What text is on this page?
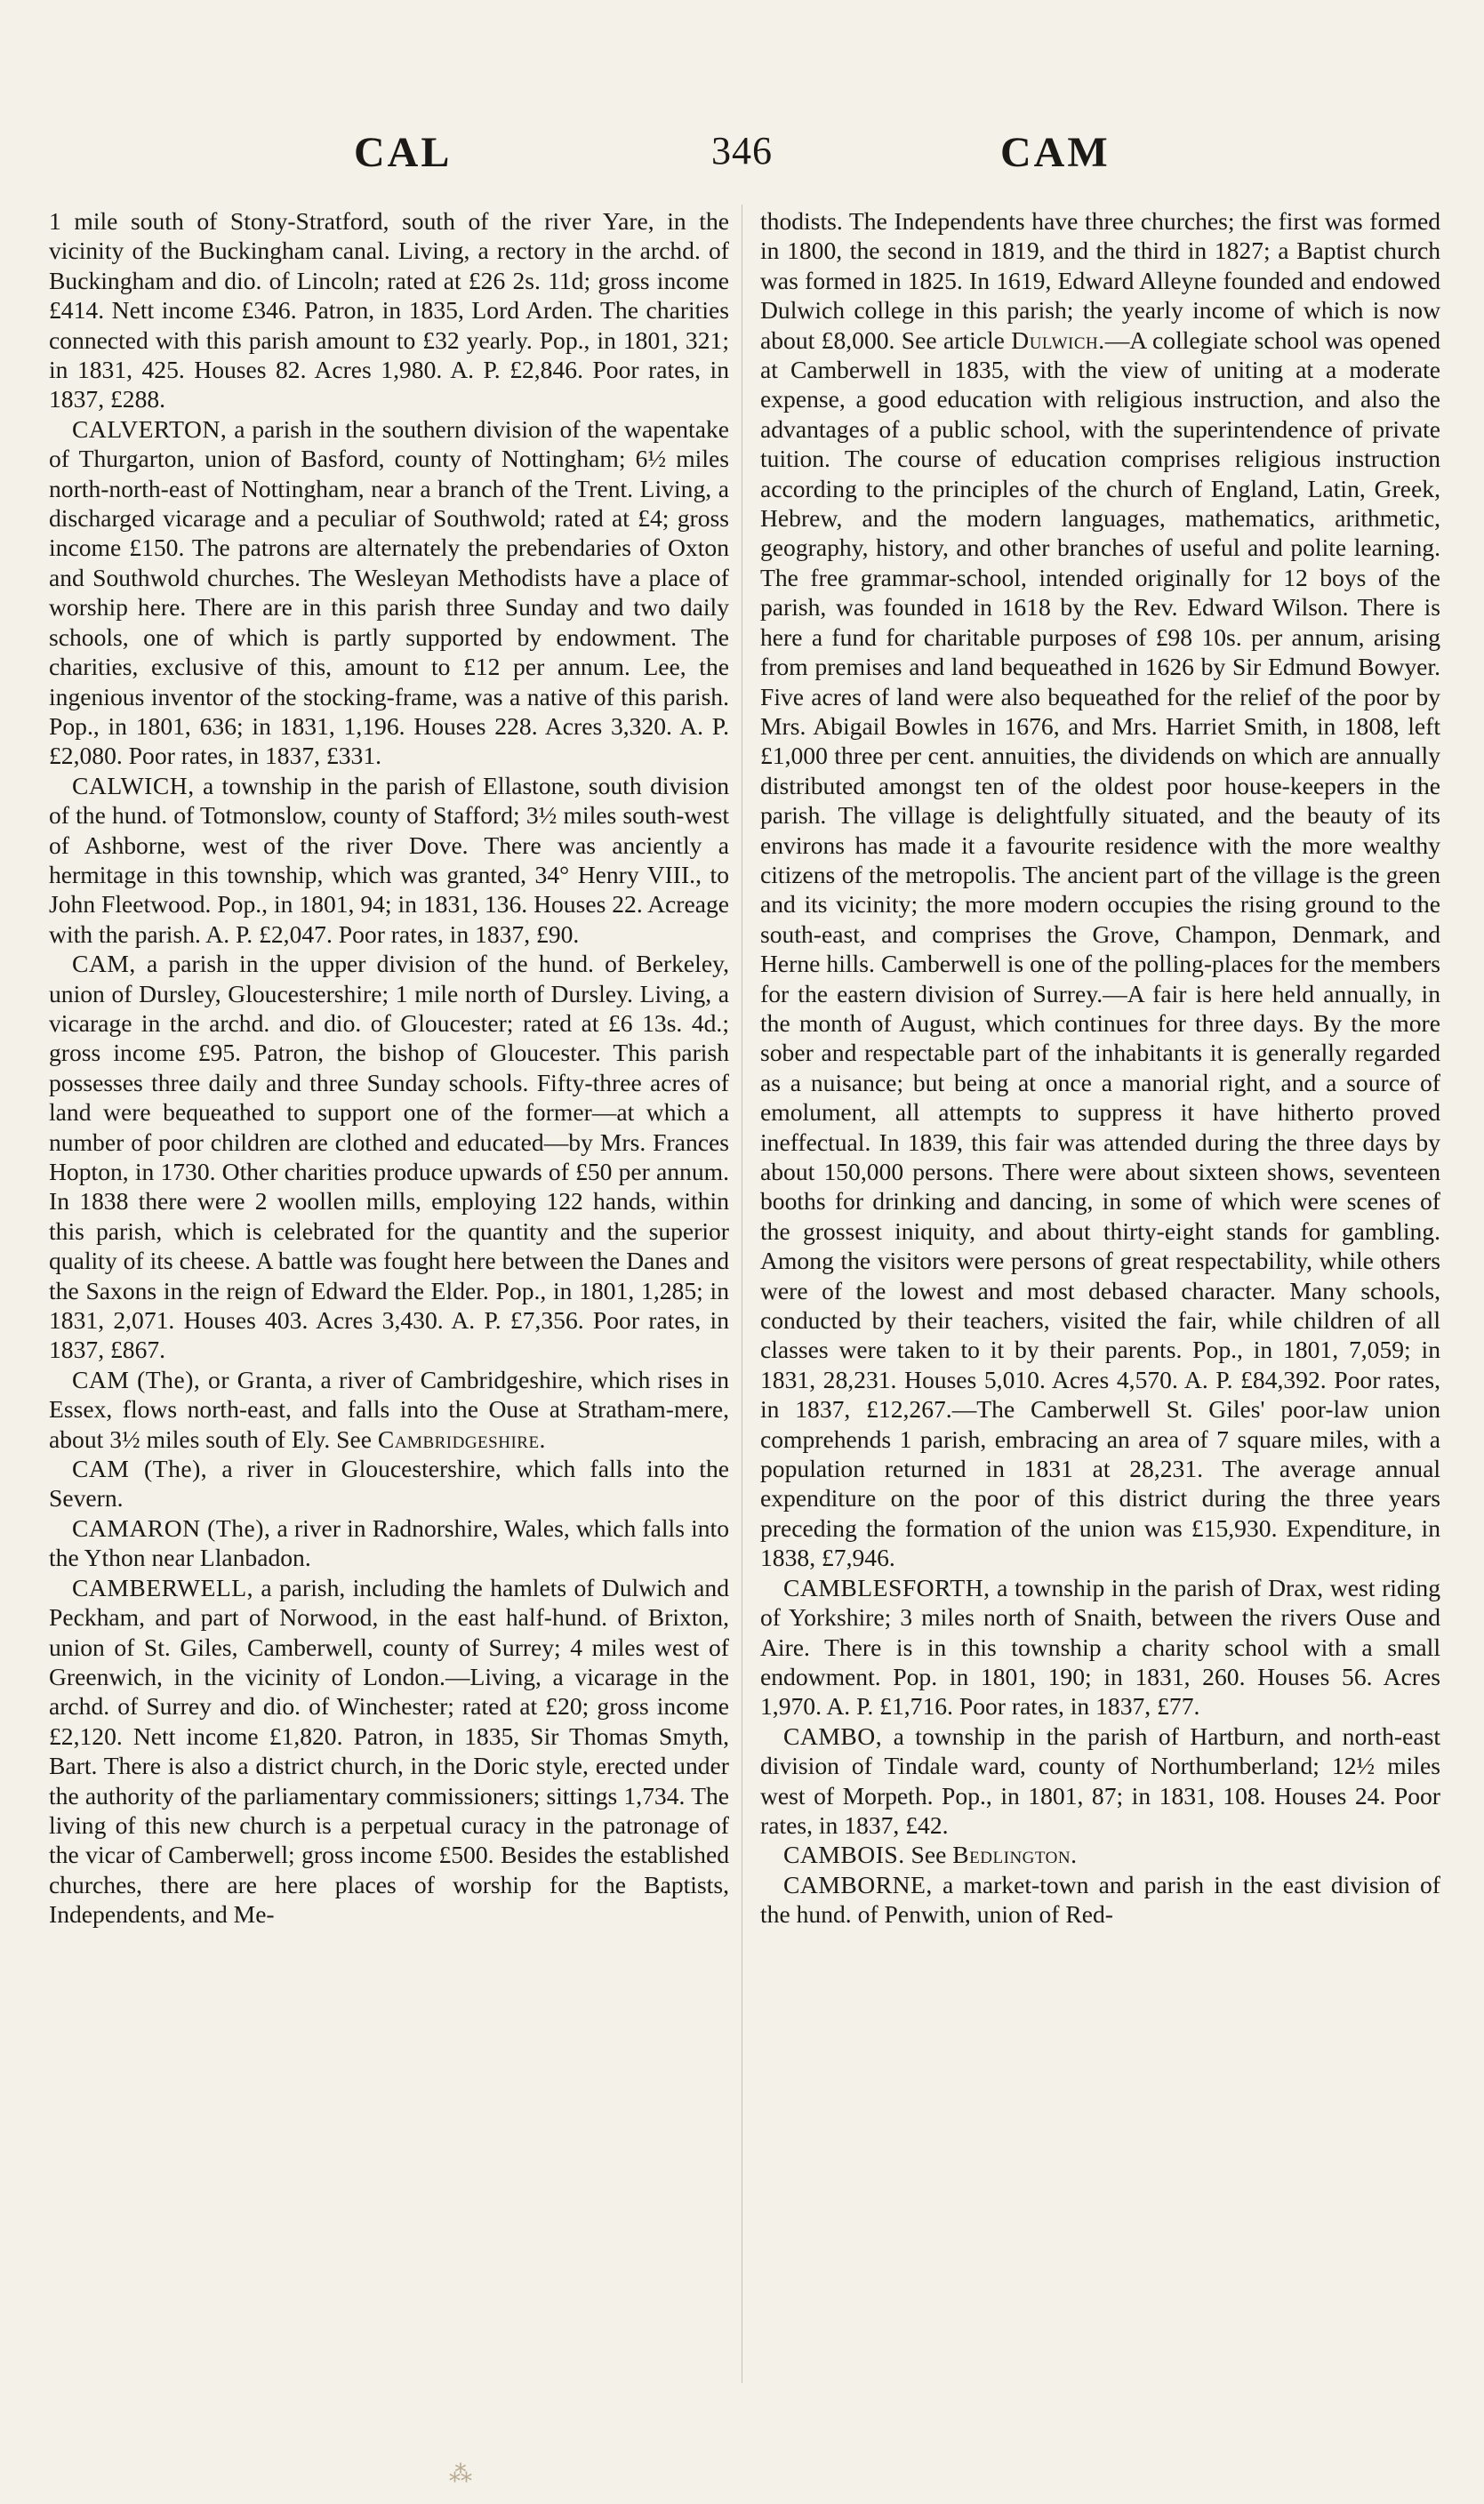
CAL	346	CAM

1 mile south of Stony-Stratford, south of the river Yare, in the vicinity of the Buckingham canal. Living, a rectory in the archd. of Buckingham and dio. of Lincoln; rated at £26 2s. 11d; gross income £414. Nett income £346. Patron, in 1835, Lord Arden. The charities connected with this parish amount to £32 yearly. Pop., in 1801, 321; in 1831, 425. Houses 82. Acres 1,980. A. P. £2,846. Poor rates, in 1837, £288.

CALVERTON, a parish in the southern division of the wapentake of Thurgarton, union of Basford, county of Nottingham; 6½ miles north-north-east of Nottingham, near a branch of the Trent. Living, a discharged vicarage and a peculiar of Southwold; rated at £4; gross income £150. The patrons are alternately the prebendaries of Oxton and Southwold churches. The Wesleyan Methodists have a place of worship here. There are in this parish three Sunday and two daily schools, one of which is partly supported by endowment. The charities, exclusive of this, amount to £12 per annum. Lee, the ingenious inventor of the stocking-frame, was a native of this parish. Pop., in 1801, 636; in 1831, 1,196. Houses 228. Acres 3,320. A. P. £2,080. Poor rates, in 1837, £331.

CALWICH, a township in the parish of Ellastone, south division of the hund. of Totmonslow, county of Stafford; 3½ miles south-west of Ashborne, west of the river Dove. There was anciently a hermitage in this township, which was granted, 34° Henry VIII., to John Fleetwood. Pop., in 1801, 94; in 1831, 136. Houses 22. Acreage with the parish. A. P. £2,047. Poor rates, in 1837, £90.

CAM, a parish in the upper division of the hund. of Berkeley, union of Dursley, Gloucestershire; 1 mile north of Dursley. Living, a vicarage in the archd. and dio. of Gloucester; rated at £6 13s. 4d.; gross income £95. Patron, the bishop of Gloucester. This parish possesses three daily and three Sunday schools. Fifty-three acres of land were bequeathed to support one of the former—at which a number of poor children are clothed and educated—by Mrs. Frances Hopton, in 1730. Other charities produce upwards of £50 per annum. In 1838 there were 2 woollen mills, employing 122 hands, within this parish, which is celebrated for the quantity and the superior quality of its cheese. A battle was fought here between the Danes and the Saxons in the reign of Edward the Elder. Pop., in 1801, 1,285; in 1831, 2,071. Houses 403. Acres 3,430. A. P. £7,356. Poor rates, in 1837, £867.

CAM (The), or Granta, a river of Cambridgeshire, which rises in Essex, flows north-east, and falls into the Ouse at Stratham-mere, about 3½ miles south of Ely. See Cambridgeshire.

CAM (The), a river in Gloucestershire, which falls into the Severn.

CAMARON (The), a river in Radnorshire, Wales, which falls into the Ython near Llanbadon.

CAMBERWELL, a parish, including the hamlets of Dulwich and Peckham, and part of Norwood, in the east half-hund. of Brixton, union of St. Giles, Camberwell, county of Surrey; 4 miles west of Greenwich, in the vicinity of London.—Living, a vicarage in the archd. of Surrey and dio. of Winchester; rated at £20; gross income £2,120. Nett income £1,820. Patron, in 1835, Sir Thomas Smyth, Bart. There is also a district church, in the Doric style, erected under the authority of the parliamentary commissioners; sittings 1,734. The living of this new church is a perpetual curacy in the patronage of the vicar of Camberwell; gross income £500. Besides the established churches, there are here places of worship for the Baptists, Independents, and Me-

thodists. The Independents have three churches; the first was formed in 1800, the second in 1819, and the third in 1827; a Baptist church was formed in 1825. In 1619, Edward Alleyne founded and endowed Dulwich college in this parish; the yearly income of which is now about £8,000. See article Dulwich.—A collegiate school was opened at Camberwell in 1835, with the view of uniting at a moderate expense, a good education with religious instruction, and also the advantages of a public school, with the superintendence of private tuition. The course of education comprises religious instruction according to the principles of the church of England, Latin, Greek, Hebrew, and the modern languages, mathematics, arithmetic, geography, history, and other branches of useful and polite learning. The free grammar-school, intended originally for 12 boys of the parish, was founded in 1618 by the Rev. Edward Wilson. There is here a fund for charitable purposes of £98 10s. per annum, arising from premises and land bequeathed in 1626 by Sir Edmund Bowyer. Five acres of land were also bequeathed for the relief of the poor by Mrs. Abigail Bowles in 1676, and Mrs. Harriet Smith, in 1808, left £1,000 three per cent. annuities, the dividends on which are annually distributed amongst ten of the oldest poor house-keepers in the parish. The village is delightfully situated, and the beauty of its environs has made it a favourite residence with the more wealthy citizens of the metropolis. The ancient part of the village is the green and its vicinity; the more modern occupies the rising ground to the south-east, and comprises the Grove, Champon, Denmark, and Herne hills. Camberwell is one of the polling-places for the members for the eastern division of Surrey.—A fair is here held annually, in the month of August, which continues for three days. By the more sober and respectable part of the inhabitants it is generally regarded as a nuisance; but being at once a manorial right, and a source of emolument, all attempts to suppress it have hitherto proved ineffectual. In 1839, this fair was attended during the three days by about 150,000 persons. There were about sixteen shows, seventeen booths for drinking and dancing, in some of which were scenes of the grossest iniquity, and about thirty-eight stands for gambling. Among the visitors were persons of great respectability, while others were of the lowest and most debased character. Many schools, conducted by their teachers, visited the fair, while children of all classes were taken to it by their parents. Pop., in 1801, 7,059; in 1831, 28,231. Houses 5,010. Acres 4,570. A. P. £84,392. Poor rates, in 1837, £12,267.—The Camberwell St. Giles' poor-law union comprehends 1 parish, embracing an area of 7 square miles, with a population returned in 1831 at 28,231. The average annual expenditure on the poor of this district during the three years preceding the formation of the union was £15,930. Expenditure, in 1838, £7,946.

CAMBLESFORTH, a township in the parish of Drax, west riding of Yorkshire; 3 miles north of Snaith, between the rivers Ouse and Aire. There is in this township a charity school with a small endowment. Pop. in 1801, 190; in 1831, 260. Houses 56. Acres 1,970. A. P. £1,716. Poor rates, in 1837, £77.

CAMBO, a township in the parish of Hartburn, and north-east division of Tindale ward, county of Northumberland; 12½ miles west of Morpeth. Pop., in 1801, 87; in 1831, 108. Houses 24. Poor rates, in 1837, £42.

CAMBOIS. See Bedlington.

CAMBORNE, a market-town and parish in the east division of the hund. of Penwith, union of Red-

⁂
